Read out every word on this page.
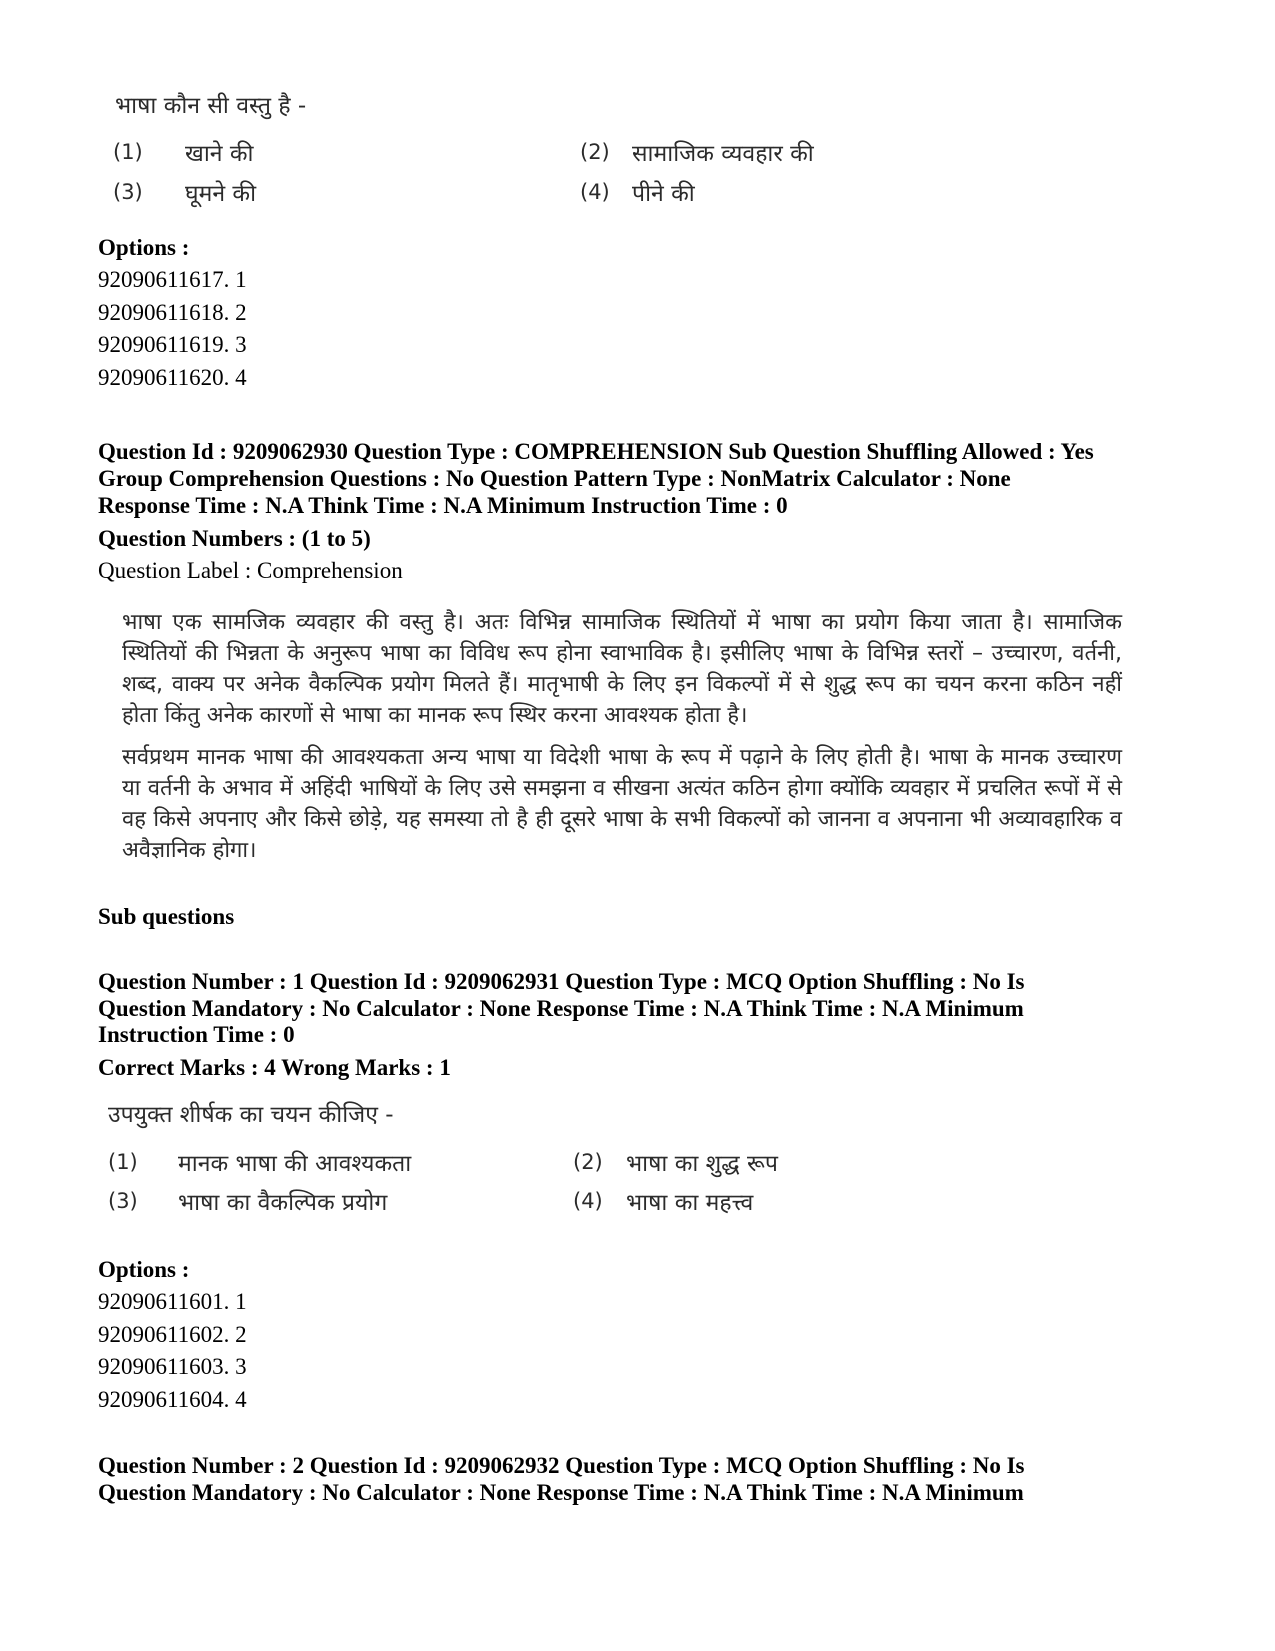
भाषा कौन सी वस्तु है -
(1) खाने की	(2) सामाजिक व्यवहार की
(3) घूमने की	(4) पीने की
Options :
92090611617. 1
92090611618. 2
92090611619. 3
92090611620. 4
Question Id : 9209062930 Question Type : COMPREHENSION Sub Question Shuffling Allowed : Yes
Group Comprehension Questions : No Question Pattern Type : NonMatrix Calculator : None
Response Time : N.A Think Time : N.A Minimum Instruction Time : 0
Question Numbers : (1 to 5)
Question Label : Comprehension
भाषा एक सामजिक व्यवहार की वस्तु है। अतः विभिन्न सामाजिक स्थितियों में भाषा का प्रयोग किया जाता है। सामाजिक स्थितियों की भिन्नता के अनुरूप भाषा का विविध रूप होना स्वाभाविक है। इसीलिए भाषा के विभिन्न स्तरों – उच्चारण, वर्तनी, शब्द, वाक्य पर अनेक वैकल्पिक प्रयोग मिलते हैं। मातृभाषी के लिए इन विकल्पों में से शुद्ध रूप का चयन करना कठिन नहीं होता किंतु अनेक कारणों से भाषा का मानक रूप स्थिर करना आवश्यक होता है।
सर्वप्रथम मानक भाषा की आवश्यकता अन्य भाषा या विदेशी भाषा के रूप में पढ़ाने के लिए होती है। भाषा के मानक उच्चारण या वर्तनी के अभाव में अहिंदी भाषियों के लिए उसे समझना व सीखना अत्यंत कठिन होगा क्योंकि व्यवहार में प्रचलित रूपों में से वह किसे अपनाए और किसे छोड़े, यह समस्या तो है ही दूसरे भाषा के सभी विकल्पों को जानना व अपनाना भी अव्यावहारिक व अवैज्ञानिक होगा।
Sub questions
Question Number : 1 Question Id : 9209062931 Question Type : MCQ Option Shuffling : No Is
Question Mandatory : No Calculator : None Response Time : N.A Think Time : N.A Minimum
Instruction Time : 0
Correct Marks : 4 Wrong Marks : 1
उपयुक्त शीर्षक का चयन कीजिए -
(1) मानक भाषा की आवश्यकता	(2) भाषा का शुद्ध रूप
(3) भाषा का वैकल्पिक प्रयोग	(4) भाषा का महत्त्व
Options :
92090611601. 1
92090611602. 2
92090611603. 3
92090611604. 4
Question Number : 2 Question Id : 9209062932 Question Type : MCQ Option Shuffling : No Is
Question Mandatory : No Calculator : None Response Time : N.A Think Time : N.A Minimum
